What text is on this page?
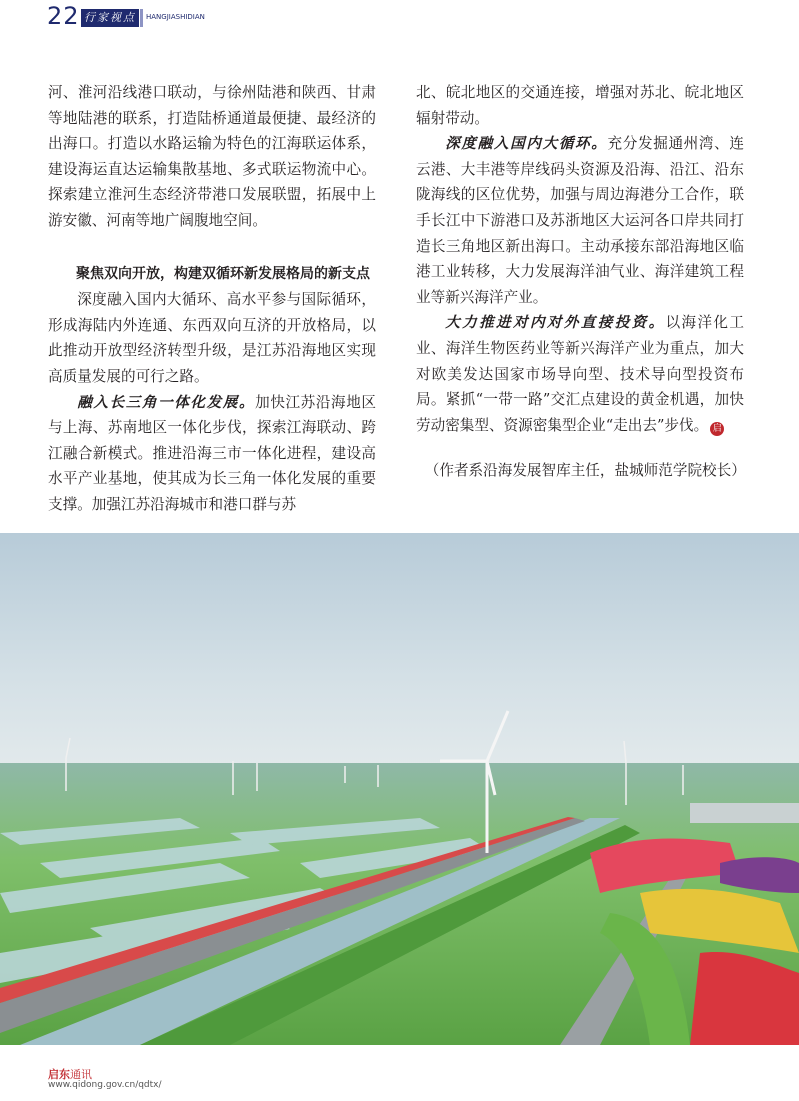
22 行家视点	HANGJIASHIDIAN

河、淮河沿线港口联动，与徐州陆港和陕西、甘肃等地陆港的联系，打造陆桥通道最便捷、最经济的出海口。打造以水路运输为特色的江海联运体系，建设海运直达运输集散基地、多式联运物流中心。探索建立淮河生态经济带港口发展联盟，拓展中上游安徽、河南等地广阔腹地空间。

聚焦双向开放，构建双循环新发展格局的新支点

深度融入国内大循环、高水平参与国际循环，形成海陆内外连通、东西双向互济的开放格局，以此推动开放型经济转型升级，是江苏沿海地区实现高质量发展的可行之路。

融入长三角一体化发展。加快江苏沿海地区与上海、苏南地区一体化步伐，探索江海联动、跨江融合新模式。推进沿海三市一体化进程，建设高水平产业基地，使其成为长三角一体化发展的重要支撑。加强江苏沿海城市和港口群与苏

北、皖北地区的交通连接，增强对苏北、皖北地区辐射带动。

深度融入国内大循环。充分发掘通州湾、连云港、大丰港等岸线码头资源及沿海、沿江、沿东陇海线的区位优势，加强与周边海港分工合作，联手长江中下游港口及苏浙地区大运河各口岸共同打造长三角地区新出海口。主动承接东部沿海地区临港工业转移，大力发展海洋油气业、海洋建筑工程业等新兴海洋产业。

大力推进对内对外直接投资。以海洋化工业、海洋生物医药业等新兴海洋产业为重点，加大对欧美发达国家市场导向型、技术导向型投资布局。紧抓“一带一路”交汇点建设的黄金机遇，加快劳动密集型、资源密集型企业“走出去”步伐。 启

（作者系沿海发展智库主任，盐城师范学院校长）

启东通讯
www.qidong.gov.cn/qdtx/
